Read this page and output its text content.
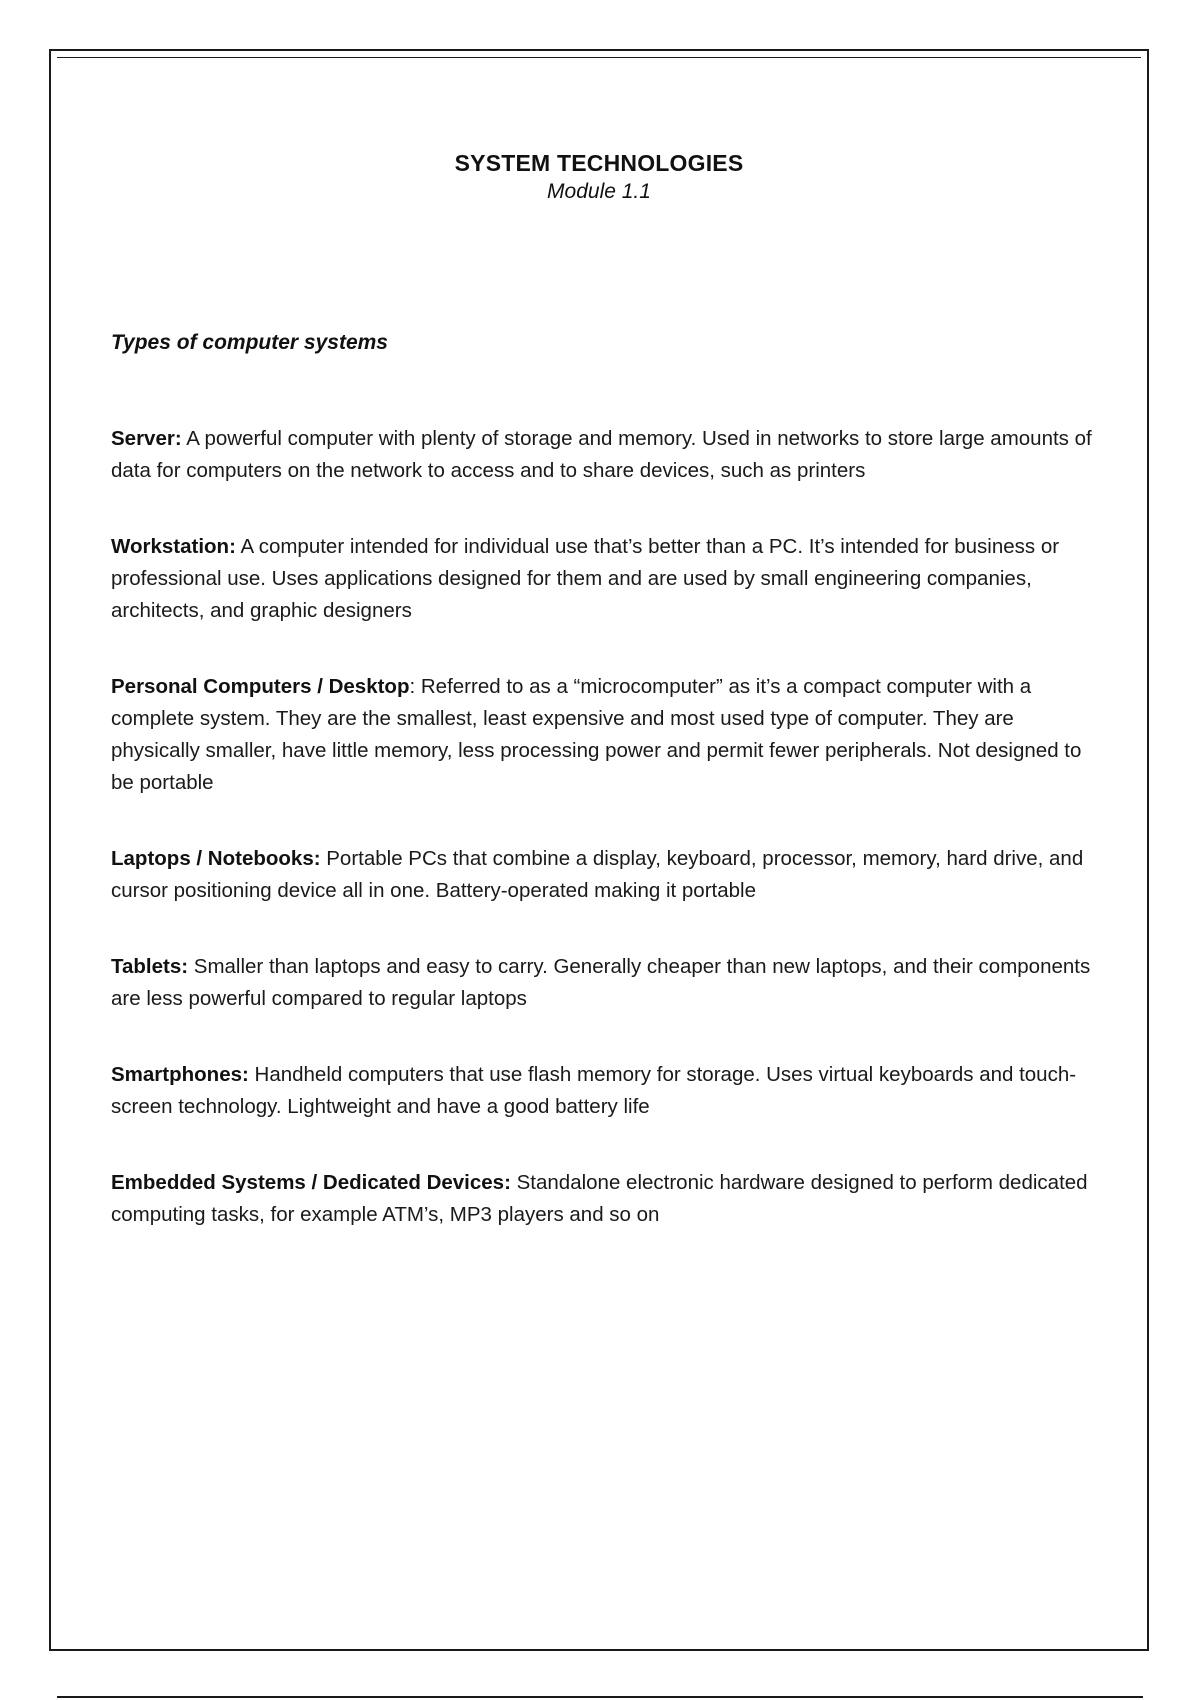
SYSTEM TECHNOLOGIES
Module 1.1
Types of computer systems

Server: A powerful computer with plenty of storage and memory. Used in networks to store large amounts of data for computers on the network to access and to share devices, such as printers

Workstation: A computer intended for individual use that’s better than a PC. It’s intended for business or professional use. Uses applications designed for them and are used by small engineering companies, architects, and graphic designers

Personal Computers / Desktop: Referred to as a “microcomputer” as it’s a compact computer with a complete system. They are the smallest, least expensive and most used type of computer. They are physically smaller, have little memory, less processing power and permit fewer peripherals. Not designed to be portable

Laptops / Notebooks: Portable PCs that combine a display, keyboard, processor, memory, hard drive, and cursor positioning device all in one. Battery-operated making it portable

Tablets: Smaller than laptops and easy to carry. Generally cheaper than new laptops, and their components are less powerful compared to regular laptops

Smartphones: Handheld computers that use flash memory for storage. Uses virtual keyboards and touch-screen technology. Lightweight and have a good battery life

Embedded Systems / Dedicated Devices: Standalone electronic hardware designed to perform dedicated computing tasks, for example ATM’s, MP3 players and so on
